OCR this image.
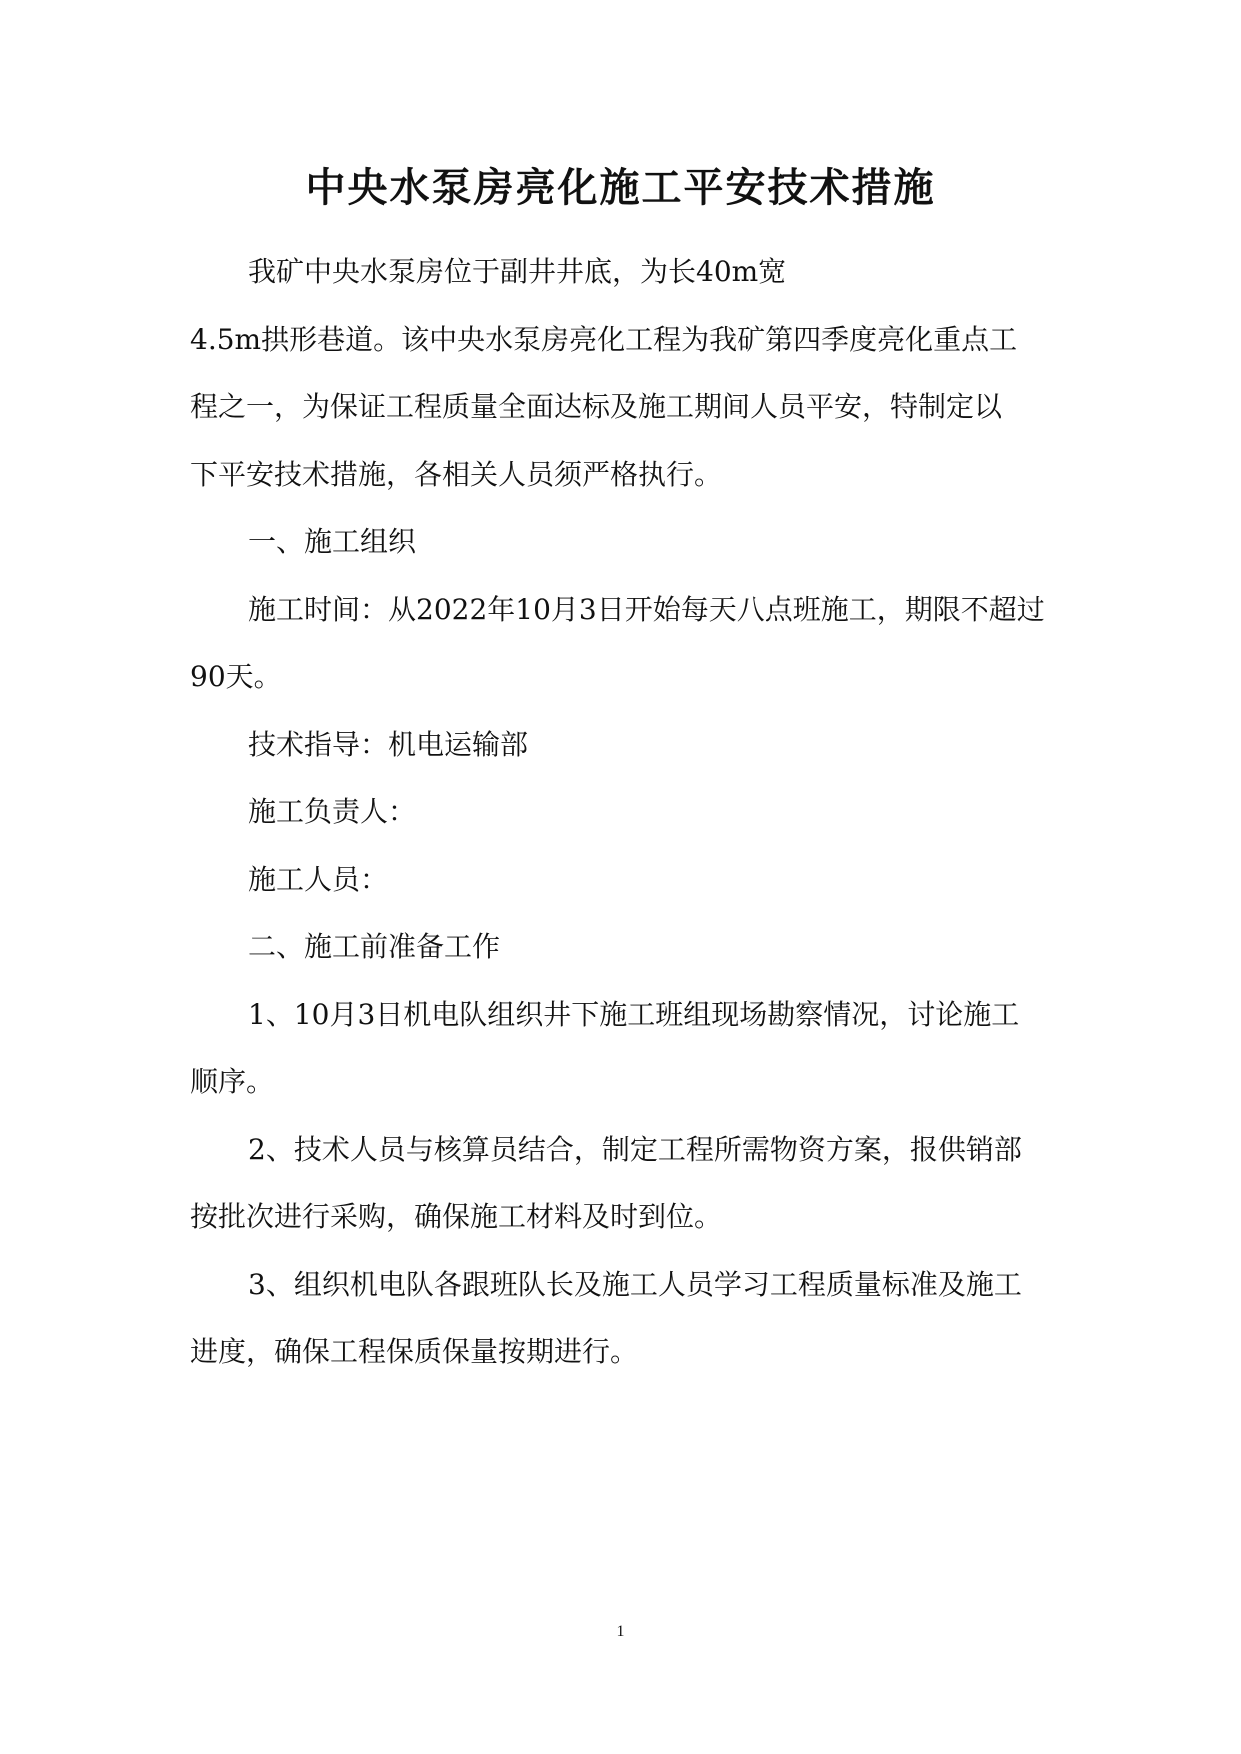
中央水泵房亮化施工平安技术措施

我矿中央水泵房位于副井井底，为长40m宽

4.5m拱形巷道。该中央水泵房亮化工程为我矿第四季度亮化重点工

程之一，为保证工程质量全面达标及施工期间人员平安，特制定以

下平安技术措施，各相关人员须严格执行。

一、施工组织

施工时间：从2022年10月3日开始每天八点班施工，期限不超过

90天。

技术指导：机电运输部

施工负责人：

施工人员：

二、施工前准备工作

1、10月3日机电队组织井下施工班组现场勘察情况，讨论施工

顺序。

2、技术人员与核算员结合，制定工程所需物资方案，报供销部

按批次进行采购，确保施工材料及时到位。

3、组织机电队各跟班队长及施工人员学习工程质量标准及施工

进度，确保工程保质保量按期进行。

1
